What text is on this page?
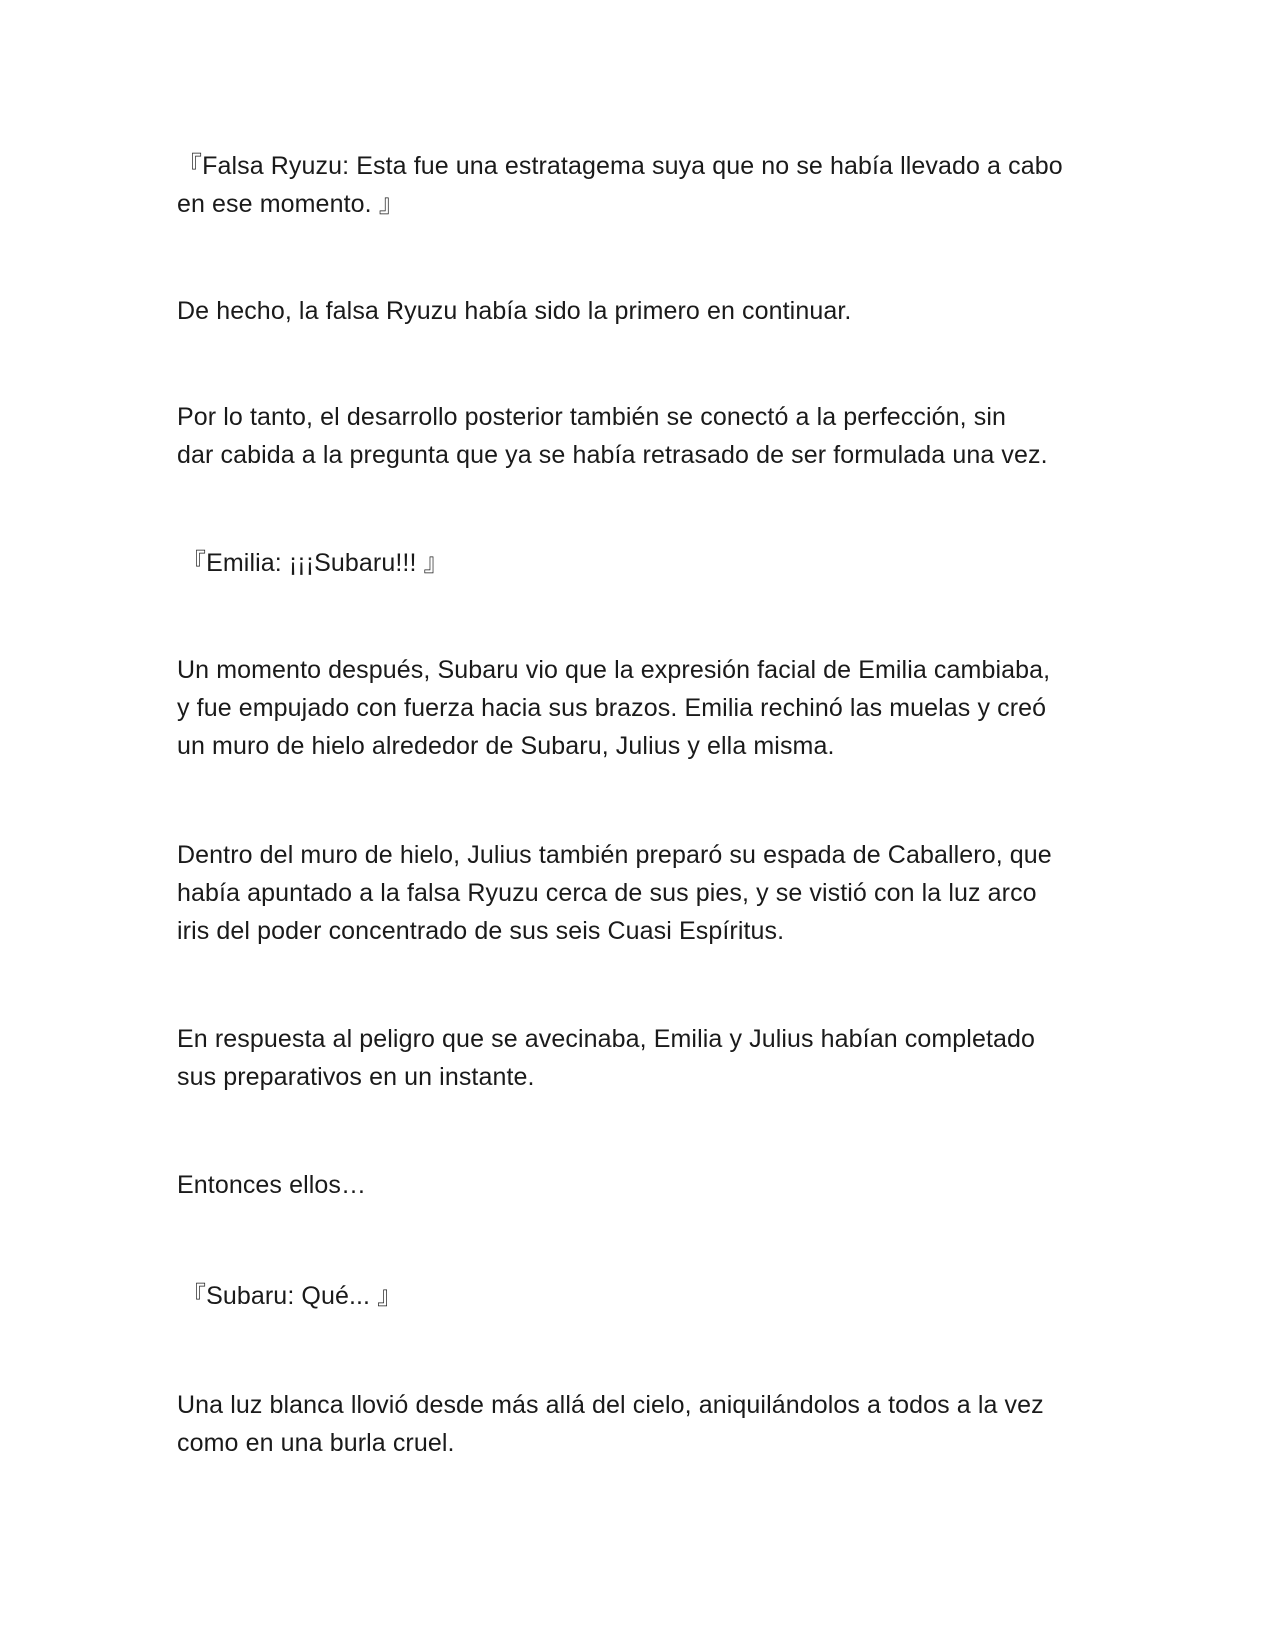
『Falsa Ryuzu: Esta fue una estratagema suya que no se había llevado a cabo
en ese momento. 』
De hecho, la falsa Ryuzu había sido la primero en continuar.
Por lo tanto, el desarrollo posterior también se conectó a la perfección, sin
dar cabida a la pregunta que ya se había retrasado de ser formulada una vez.
『Emilia: ¡¡¡Subaru!!! 』
Un momento después, Subaru vio que la expresión facial de Emilia cambiaba,
y fue empujado con fuerza hacia sus brazos. Emilia rechinó las muelas y creó
un muro de hielo alrededor de Subaru, Julius y ella misma.
Dentro del muro de hielo, Julius también preparó su espada de Caballero, que
había apuntado a la falsa Ryuzu cerca de sus pies, y se vistió con la luz arco
iris del poder concentrado de sus seis Cuasi Espíritus.
En respuesta al peligro que se avecinaba, Emilia y Julius habían completado
sus preparativos en un instante.
Entonces ellos…
『Subaru: Qué... 』
Una luz blanca llovió desde más allá del cielo, aniquilándolos a todos a la vez
como en una burla cruel.
